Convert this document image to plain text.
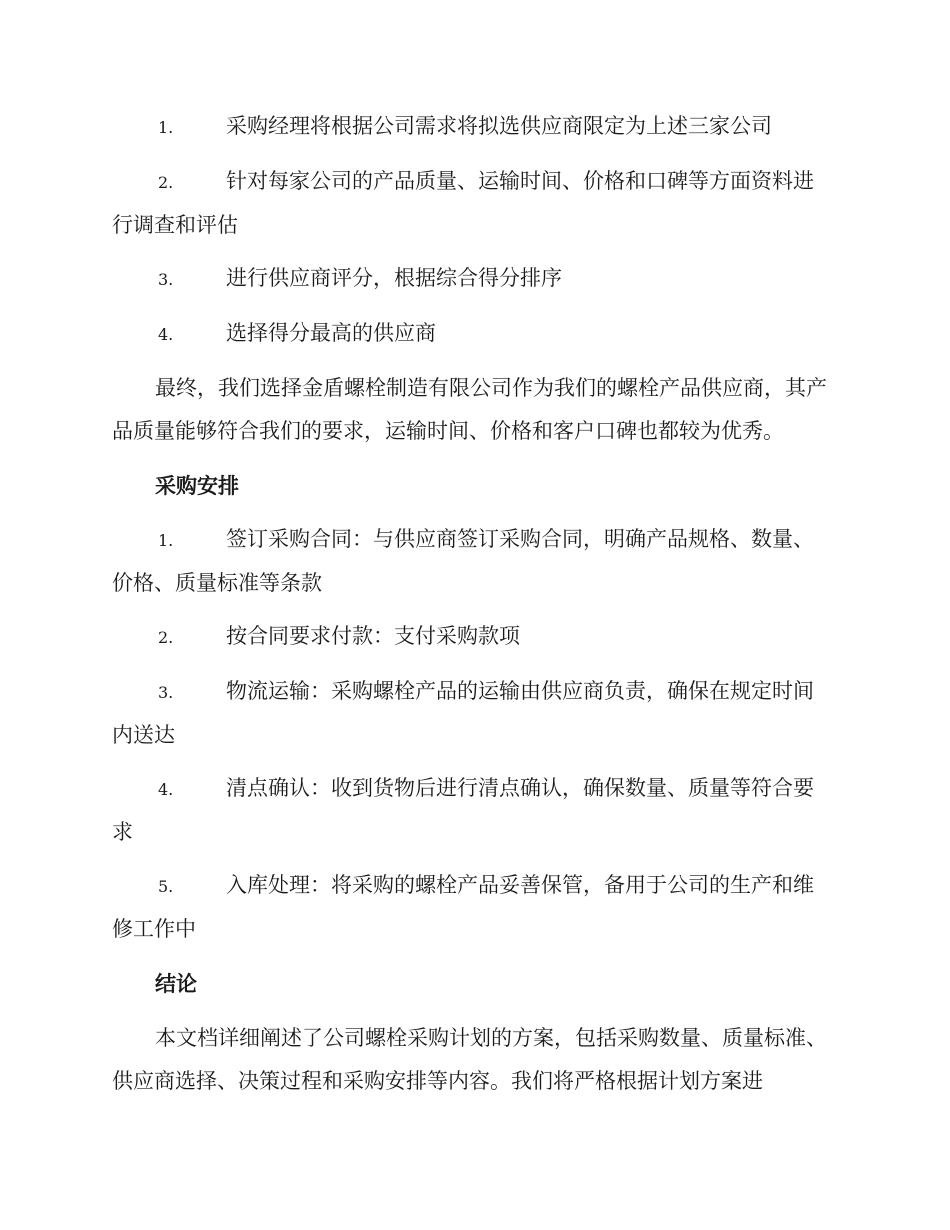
1.	采购经理将根据公司需求将拟选供应商限定为上述三家公司

2.	针对每家公司的产品质量、运输时间、价格和口碑等方面资料进行调查和评估

3.	进行供应商评分，根据综合得分排序

4.	选择得分最高的供应商

最终，我们选择金盾螺栓制造有限公司作为我们的螺栓产品供应商，其产品质量能够符合我们的要求，运输时间、价格和客户口碑也都较为优秀。

采购安排

1.	签订采购合同：与供应商签订采购合同，明确产品规格、数量、价格、质量标准等条款

2.	按合同要求付款：支付采购款项

3.	物流运输：采购螺栓产品的运输由供应商负责，确保在规定时间内送达

4.	清点确认：收到货物后进行清点确认，确保数量、质量等符合要求

5.	入库处理：将采购的螺栓产品妥善保管，备用于公司的生产和维修工作中

结论

本文档详细阐述了公司螺栓采购计划的方案，包括采购数量、质量标准、供应商选择、决策过程和采购安排等内容。我们将严格根据计划方案进
